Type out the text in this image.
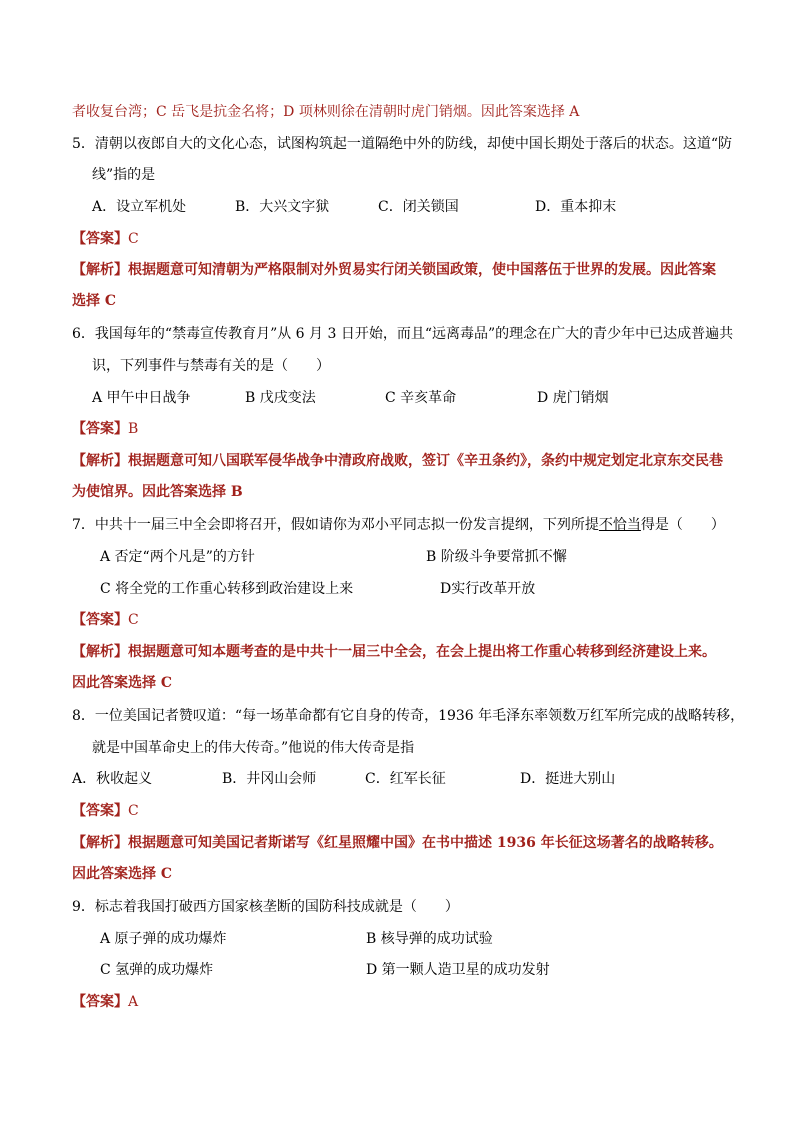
者收复台湾；C 岳飞是抗金名将；D 项林则徐在清朝时虎门销烟。因此答案选择 A
5．清朝以夜郎自大的文化心态，试图构筑起一道隔绝中外的防线，却使中国长期处于落后的状态。这道“防
线”指的是
A．设立军机处	B．大兴文字狱	C．闭关锁国	D．重本抑末
【答案】C
【解析】根据题意可知清朝为严格限制对外贸易实行闭关锁国政策，使中国落伍于世界的发展。因此答案
选择 C
6．我国每年的“禁毒宣传教育月”从 6 月 3 日开始，而且“远离毒品”的理念在广大的青少年中已达成普遍共
识，下列事件与禁毒有关的是（　　）
A 甲午中日战争	B 戊戌变法	C 辛亥革命	D 虎门销烟
【答案】B
【解析】根据题意可知八国联军侵华战争中清政府战败，签订《辛丑条约》，条约中规定划定北京东交民巷
为使馆界。因此答案选择 B
7．中共十一届三中全会即将召开，假如请你为邓小平同志拟一份发言提纲，下列所提不恰当得是（　　）
A 否定“两个凡是”的方针	B 阶级斗争要常抓不懈
C 将全党的工作重心转移到政治建设上来	D实行改革开放
【答案】C
【解析】根据题意可知本题考查的是中共十一届三中全会，在会上提出将工作重心转移到经济建设上来。
因此答案选择 C
8．一位美国记者赞叹道：“每一场革命都有它自身的传奇，1936 年毛泽东率领数万红军所完成的战略转移，
就是中国革命史上的伟大传奇。”他说的伟大传奇是指
A．秋收起义	B．井冈山会师	C．红军长征	D．挺进大别山
【答案】C
【解析】根据题意可知美国记者斯诺写《红星照耀中国》在书中描述 1936 年长征这场著名的战略转移。
因此答案选择 C
9．标志着我国打破西方国家核垄断的国防科技成就是（　　）
A 原子弹的成功爆炸	B 核导弹的成功试验
C 氢弹的成功爆炸	D 第一颗人造卫星的成功发射
【答案】A
